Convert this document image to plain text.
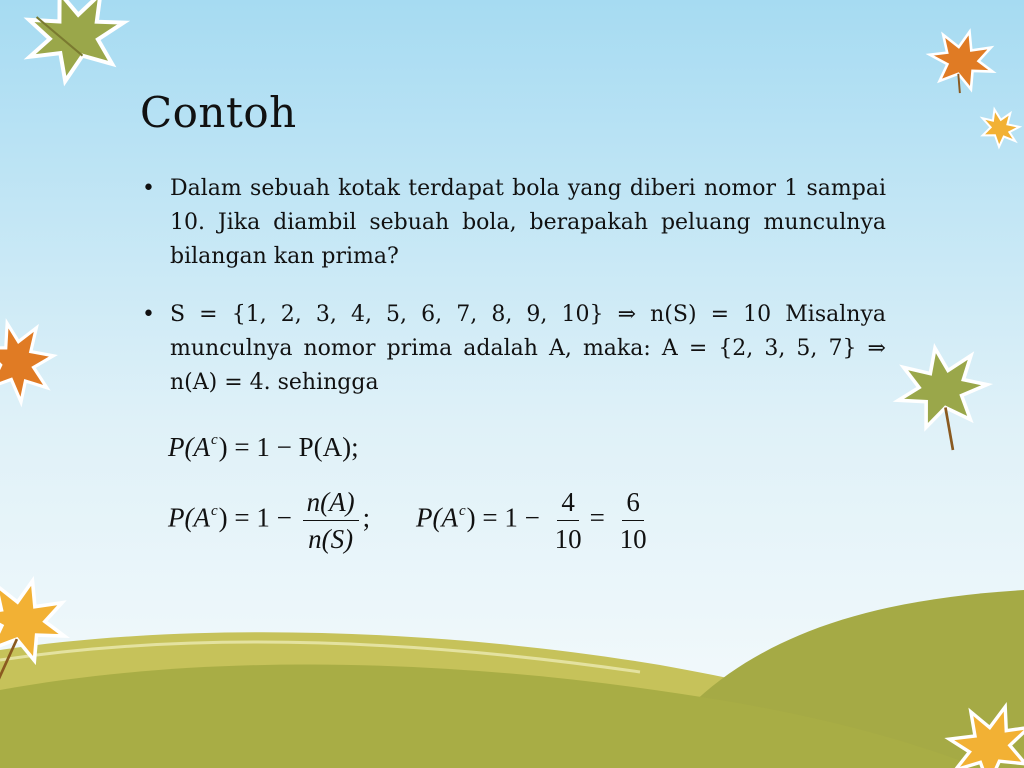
Contoh
• Dalam sebuah kotak terdapat bola yang diberi nomor 1 sampai 10. Jika diambil sebuah bola, berapakah peluang munculnya bilangan kan prima?
• S = {1, 2, 3, 4, 5, 6, 7, 8, 9, 10} ⇒ n(S) = 10 Misalnya munculnya nomor prima adalah A, maka: A = {2, 3, 5, 7} ⇒ n(A) = 4. sehingga
$P(A^c) = 1 - P(A)$;
$P(A^c) = 1 - \frac{n(A)}{n(S)}$ ; $P(A^c) = 1 - \frac{4}{10} = \frac{6}{10}$
